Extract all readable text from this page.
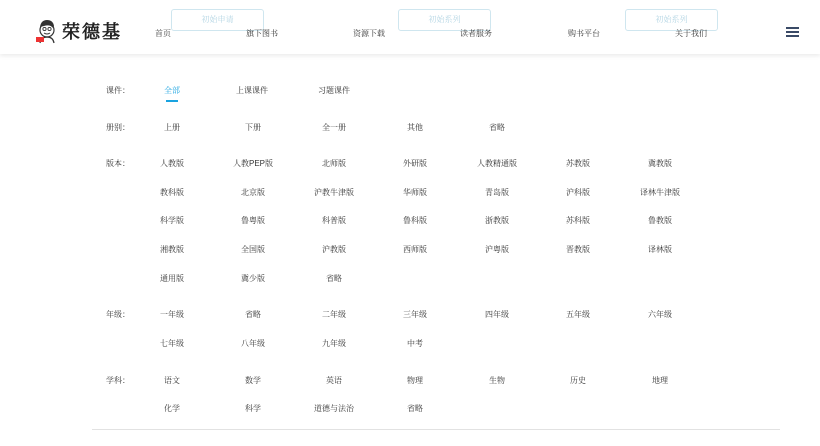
初始申请	初始系列	初始系列
荣德基	首页	旗下图书	资源下载	读者服务	购书平台	关于我们
课件：	全部	上课课件	习题课件
册别：	上册	下册	全一册	其他	省略
版本：	人教版	人教PEP版	北师版	外研版	人教精通版	苏教版	冀教版
教科版	北京版	沪教牛津版	华师版	青岛版	沪科版	译林牛津版
科学版	鲁粤版	科普版	鲁科版	浙教版	苏科版	鲁教版
湘教版	全国版	沪教版	西师版	沪粤版	晋教版	译林版
通用版	冀少版	省略
年级：	一年级	省略	二年级	三年级	四年级	五年级	六年级
七年级	八年级	九年级	中考
学科：	语文	数学	英语	物理	生物	历史	地理
化学	科学	道德与法治	省略
